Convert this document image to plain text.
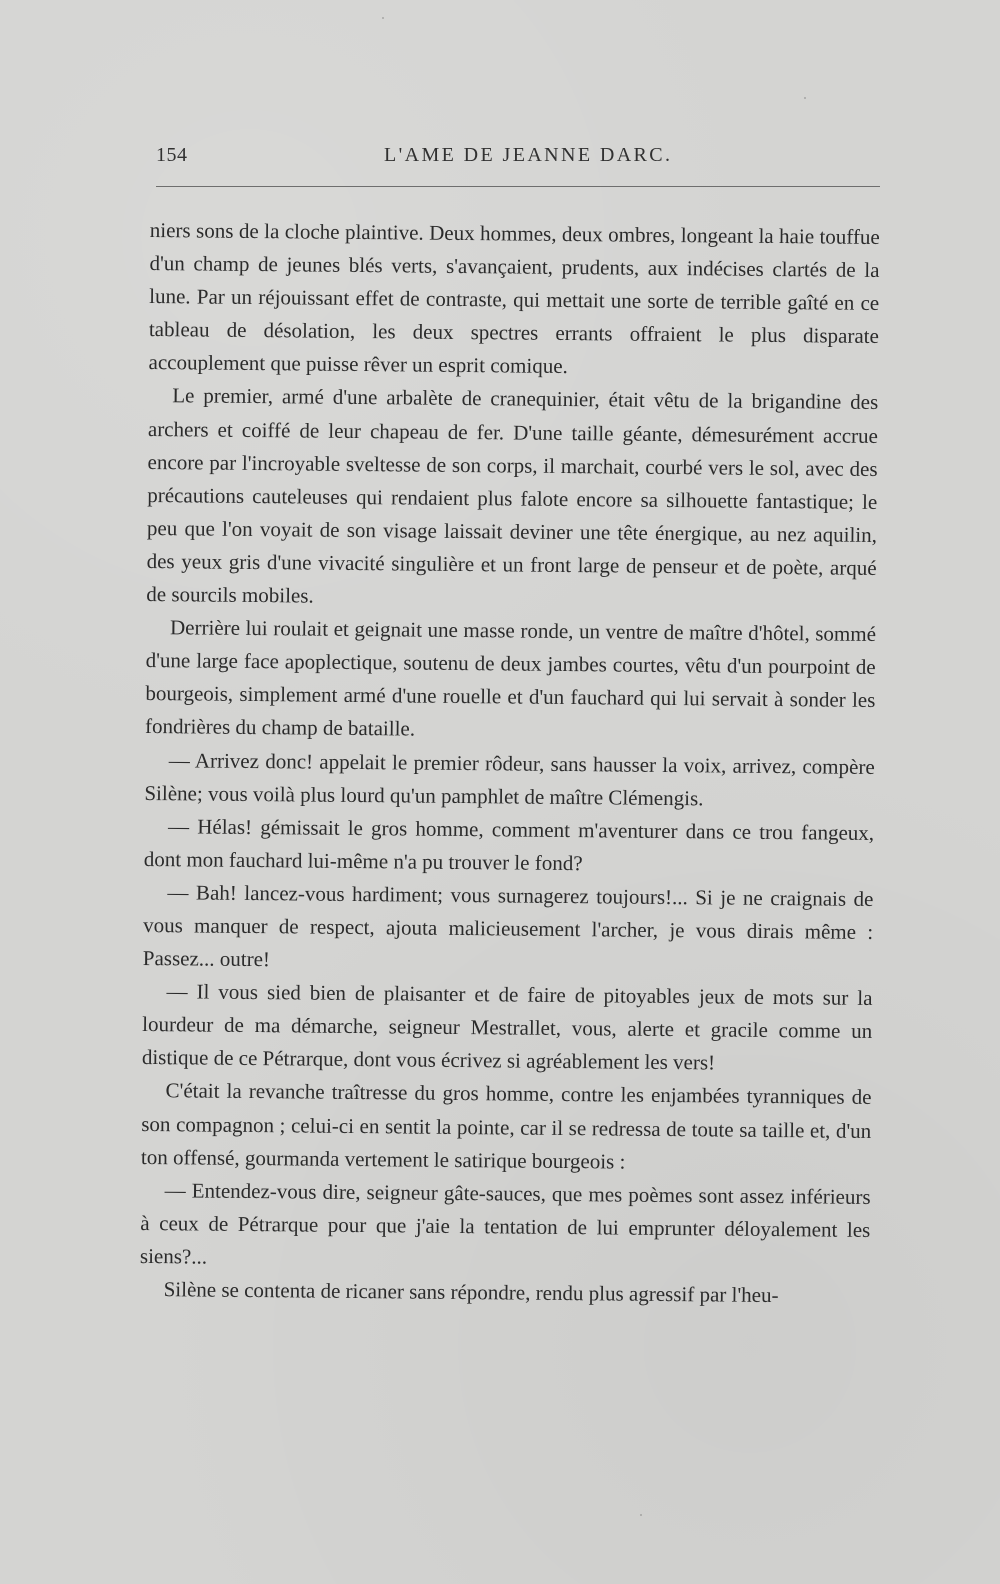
154	L'AME DE JEANNE DARC.

niers sons de la cloche plaintive. Deux hommes, deux ombres, longeant la haie touffue d'un champ de jeunes blés verts, s'avançaient, prudents, aux indécises clartés de la lune. Par un réjouissant effet de contraste, qui mettait une sorte de terrible gaîté en ce tableau de désolation, les deux spectres errants offraient le plus disparate accouplement que puisse rêver un esprit comique.

Le premier, armé d'une arbalète de cranequinier, était vêtu de la brigandine des archers et coiffé de leur chapeau de fer. D'une taille géante, démesurément accrue encore par l'incroyable sveltesse de son corps, il marchait, courbé vers le sol, avec des précautions cauteleuses qui rendaient plus falote encore sa silhouette fantastique; le peu que l'on voyait de son visage laissait deviner une tête énergique, au nez aquilin, des yeux gris d'une vivacité singulière et un front large de penseur et de poète, arqué de sourcils mobiles.

Derrière lui roulait et geignait une masse ronde, un ventre de maître d'hôtel, sommé d'une large face apoplectique, soutenu de deux jambes courtes, vêtu d'un pourpoint de bourgeois, simplement armé d'une rouelle et d'un fauchard qui lui servait à sonder les fondrières du champ de bataille.

— Arrivez donc! appelait le premier rôdeur, sans hausser la voix, arrivez, compère Silène; vous voilà plus lourd qu'un pamphlet de maître Clémengis.

— Hélas! gémissait le gros homme, comment m'aventurer dans ce trou fangeux, dont mon fauchard lui-même n'a pu trouver le fond?

— Bah! lancez-vous hardiment; vous surnagerez toujours!... Si je ne craignais de vous manquer de respect, ajouta malicieusement l'archer, je vous dirais même : Passez... outre!

— Il vous sied bien de plaisanter et de faire de pitoyables jeux de mots sur la lourdeur de ma démarche, seigneur Mestrallet, vous, alerte et gracile comme un distique de ce Pétrarque, dont vous écrivez si agréablement les vers!

C'était la revanche traîtresse du gros homme, contre les enjambées tyranniques de son compagnon ; celui-ci en sentit la pointe, car il se redressa de toute sa taille et, d'un ton offensé, gourmanda vertement le satirique bourgeois :

— Entendez-vous dire, seigneur gâte-sauces, que mes poèmes sont assez inférieurs à ceux de Pétrarque pour que j'aie la tentation de lui emprunter déloyalement les siens?...

Silène se contenta de ricaner sans répondre, rendu plus agressif par l'heu-
